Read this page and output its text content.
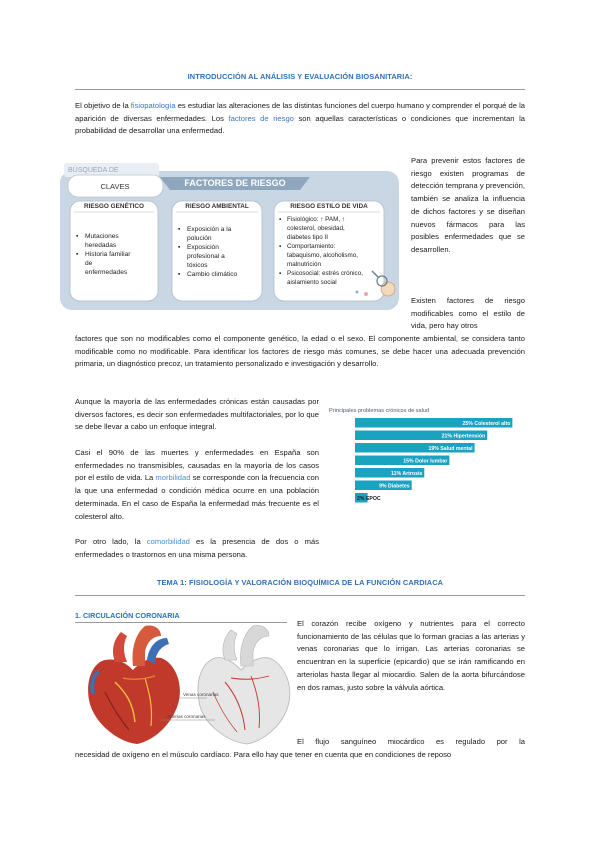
INTRODUCCIÓN AL ANÁLISIS Y EVALUACIÓN BIOSANITARIA:
El objetivo de la fisiopatología es estudiar las alteraciones de las distintas funciones del cuerpo humano y comprender el porqué de la aparición de diversas enfermedades. Los factores de riesgo son aquellas características o condiciones que incrementan la probabilidad de desarrollar una enfermedad.
BÚSQUEDA DE
FACTORES DE RIESGO
CLAVES
RIESGO GENÉTICO
▪ Mutaciones
heredadas
▪ Historia familiar
de
enfermedades
RIESGO AMBIENTAL
▪ Exposición a la
polución
▪ Exposición
profesional a
tóxicos
▪ Cambio climático
RIESGO ESTILO DE VIDA
▪ Fisiológico: ↑ PAM, ↑
colesterol, obesidad,
diabetes tipo II
▪ Comportamiento:
tabaquismo, alcoholismo,
malnutrición
▪ Psicosocial: estrés crónico,
aislamiento social
Para prevenir estos factores de riesgo existen programas de detección temprana y prevención, también se analiza la influencia de dichos factores y se diseñan nuevos fármacos para las posibles enfermedades que se desarrollen.
Existen factores de riesgo modificables como el estilo de vida, pero hay otros
factores que son no modificables como el componente genético, la edad o el sexo. El componente ambiental, se considera tanto modificable como no modificable. Para identificar los factores de riesgo más comunes, se debe hacer una adecuada prevención primaria, un diagnóstico precoz, un tratamiento personalizado e investigación y desarrollo.
Aunque la mayoría de las enfermedades crónicas están causadas por diversos factores, es decir son enfermedades multifactoriales, por lo que se debe llevar a cabo un enfoque integral.
Casi el 90% de las muertes y enfermedades en España son enfermedades no transmisibles, causadas en la mayoría de los casos por el estilo de vida. La morbilidad se corresponde con la frecuencia con la que una enfermedad o condición médica ocurre en una población determinada. En el caso de España la enfermedad más frecuente es el colesterol alto.
Por otro lado, la comorbilidad es la presencia de dos o más enfermedades o trastornos en una misma persona.
Principales problemas crónicos de salud
25% Colesterol alto
21% Hipertensión
19% Salud mental
15% Dolor lumbar
11% Artrosis
9% Diabetes
2% EPOC
TEMA 1: FISIOLOGÍA Y VALORACIÓN BIOQUÍMICA DE LA FUNCIÓN CARDIACA
1. CIRCULACIÓN CORONARIA
Venas coronarias
Arterias coronarias
El corazón recibe oxígeno y nutrientes para el correcto funcionamiento de las células que lo forman gracias a las arterias y venas coronarias que lo irrigan. Las arterias coronarias se encuentran en la superficie (epicardio) que se irán ramificando en arteriolas hasta llegar al miocardio. Salen de la aorta bifurcándose en dos ramas, justo sobre la válvula aórtica.
El flujo sanguíneo miocárdico es regulado por la
necesidad de oxígeno en el músculo cardíaco. Para ello hay que tener en cuenta que en condiciones de reposo
